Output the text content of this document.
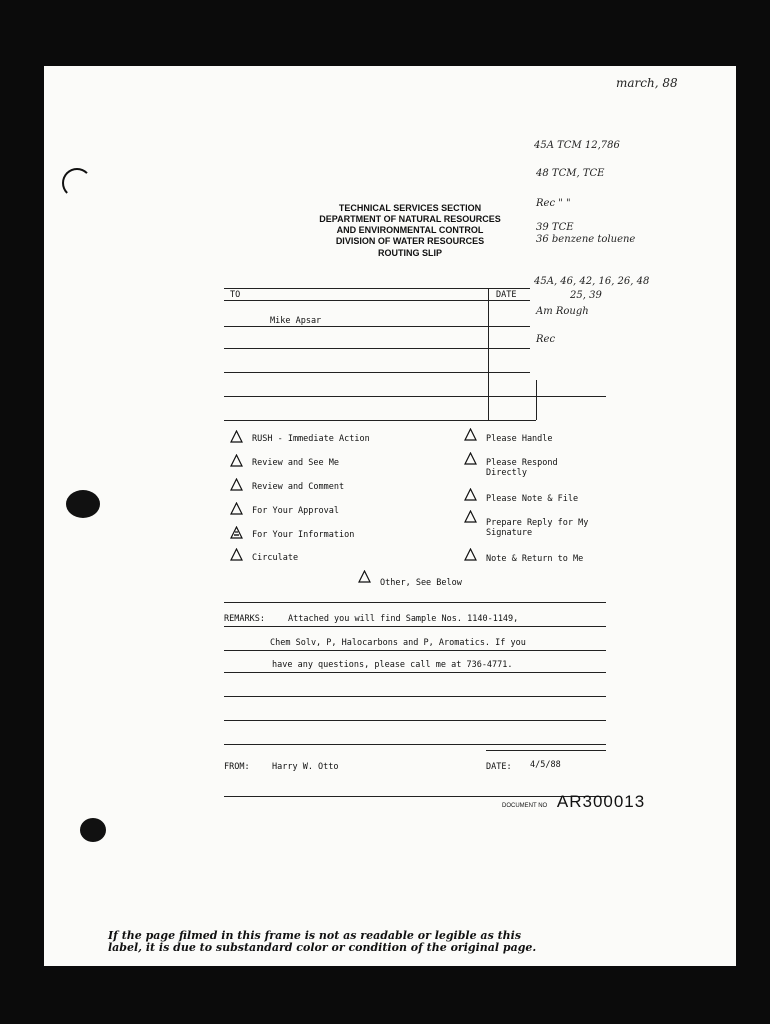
march, 88
45A TCM 12,786
48 TCM, TCE
Rec " "
39 TCE
36 benzene toluene
45A, 46, 42, 16, 26, 48
25, 39
Am Rough
Rec
TECHNICAL SERVICES SECTION
DEPARTMENT OF NATURAL RESOURCES
AND ENVIRONMENTAL CONTROL
DIVISION OF WATER RESOURCES
ROUTING SLIP
TO	DATE
Mike Apsar
RUSH - Immediate Action
Review and See Me
Review and Comment
For Your Approval
For Your Information
Circulate
Please Handle
Please Respond Directly
Please Note & File
Prepare Reply for My Signature
Note & Return to Me
Other, See Below
REMARKS:	Attached you will find Sample Nos. 1140-1149,
Chem Solv, P, Halocarbons and P, Aromatics. If you
have any questions, please call me at 736-4771.
FROM:	Harry W. Otto	DATE: 4/5/88
DOCUMENT NO AR300013
If the page filmed in this frame is not as readable or legible as this
label, it is due to substandard color or condition of the original page.
